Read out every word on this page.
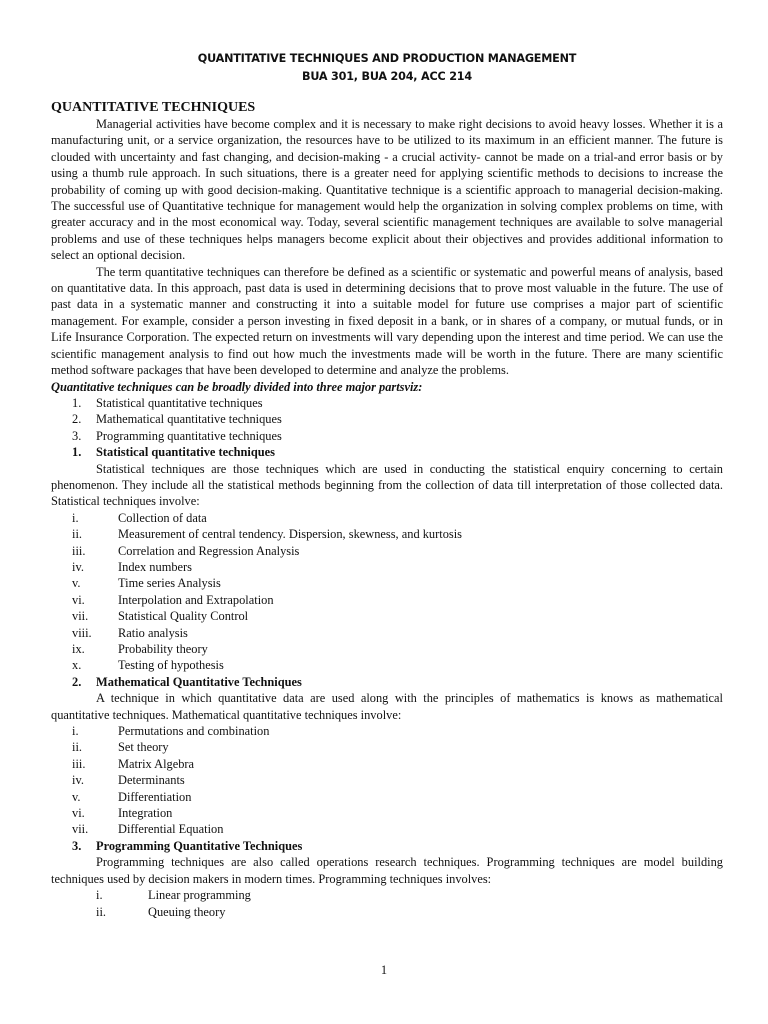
QUANTITATIVE TECHNIQUES AND PRODUCTION MANAGEMENT
BUA 301, BUA 204, ACC 214
QUANTITATIVE TECHNIQUES

Managerial activities have become complex and it is necessary to make right decisions to avoid heavy losses. Whether it is a manufacturing unit, or a service organization, the resources have to be utilized to its maximum in an efficient manner. The future is clouded with uncertainty and fast changing, and decision-making - a crucial activity- cannot be made on a trial-and error basis or by using a thumb rule approach. In such situations, there is a greater need for applying scientific methods to decisions to increase the probability of coming up with good decision-making. Quantitative technique is a scientific approach to managerial decision-making. The successful use of Quantitative technique for management would help the organization in solving complex problems on time, with greater accuracy and in the most economical way. Today, several scientific management techniques are available to solve managerial problems and use of these techniques helps managers become explicit about their objectives and provides additional information to select an optional decision.

The term quantitative techniques can therefore be defined as a scientific or systematic and powerful means of analysis, based on quantitative data. In this approach, past data is used in determining decisions that to prove most valuable in the future. The use of past data in a systematic manner and constructing it into a suitable model for future use comprises a major part of scientific management. For example, consider a person investing in fixed deposit in a bank, or in shares of a company, or mutual funds, or in Life Insurance Corporation. The expected return on investments will vary depending upon the interest and time period. We can use the scientific management analysis to find out how much the investments made will be worth in the future. There are many scientific method software packages that have been developed to determine and analyze the problems.

Quantitative techniques can be broadly divided into three major partsviz:
1.	Statistical quantitative techniques
2.	Mathematical quantitative techniques
3.	Programming quantitative techniques
1.	Statistical quantitative techniques

Statistical techniques are those techniques which are used in conducting the statistical enquiry concerning to certain phenomenon. They include all the statistical methods beginning from the collection of data till interpretation of those collected data. Statistical techniques involve:

i.	Collection of data
ii.	Measurement of central tendency. Dispersion, skewness, and kurtosis
iii.	Correlation and Regression Analysis
iv.	Index numbers
v.	Time series Analysis
vi.	Interpolation and Extrapolation
vii.	Statistical Quality Control
viii.	Ratio analysis
ix.	Probability theory
x.	Testing of hypothesis
2.	Mathematical Quantitative Techniques

A technique in which quantitative data are used along with the principles of mathematics is knows as mathematical quantitative techniques. Mathematical quantitative techniques involve:

i.	Permutations and combination
ii.	Set theory
iii.	Matrix Algebra
iv.	Determinants
v.	Differentiation
vi.	Integration
vii.	Differential Equation
3.	Programming Quantitative Techniques

Programming techniques are also called operations research techniques. Programming techniques are model building techniques used by decision makers in modern times. Programming techniques involves:

i.	Linear programming
ii.	Queuing theory
1
